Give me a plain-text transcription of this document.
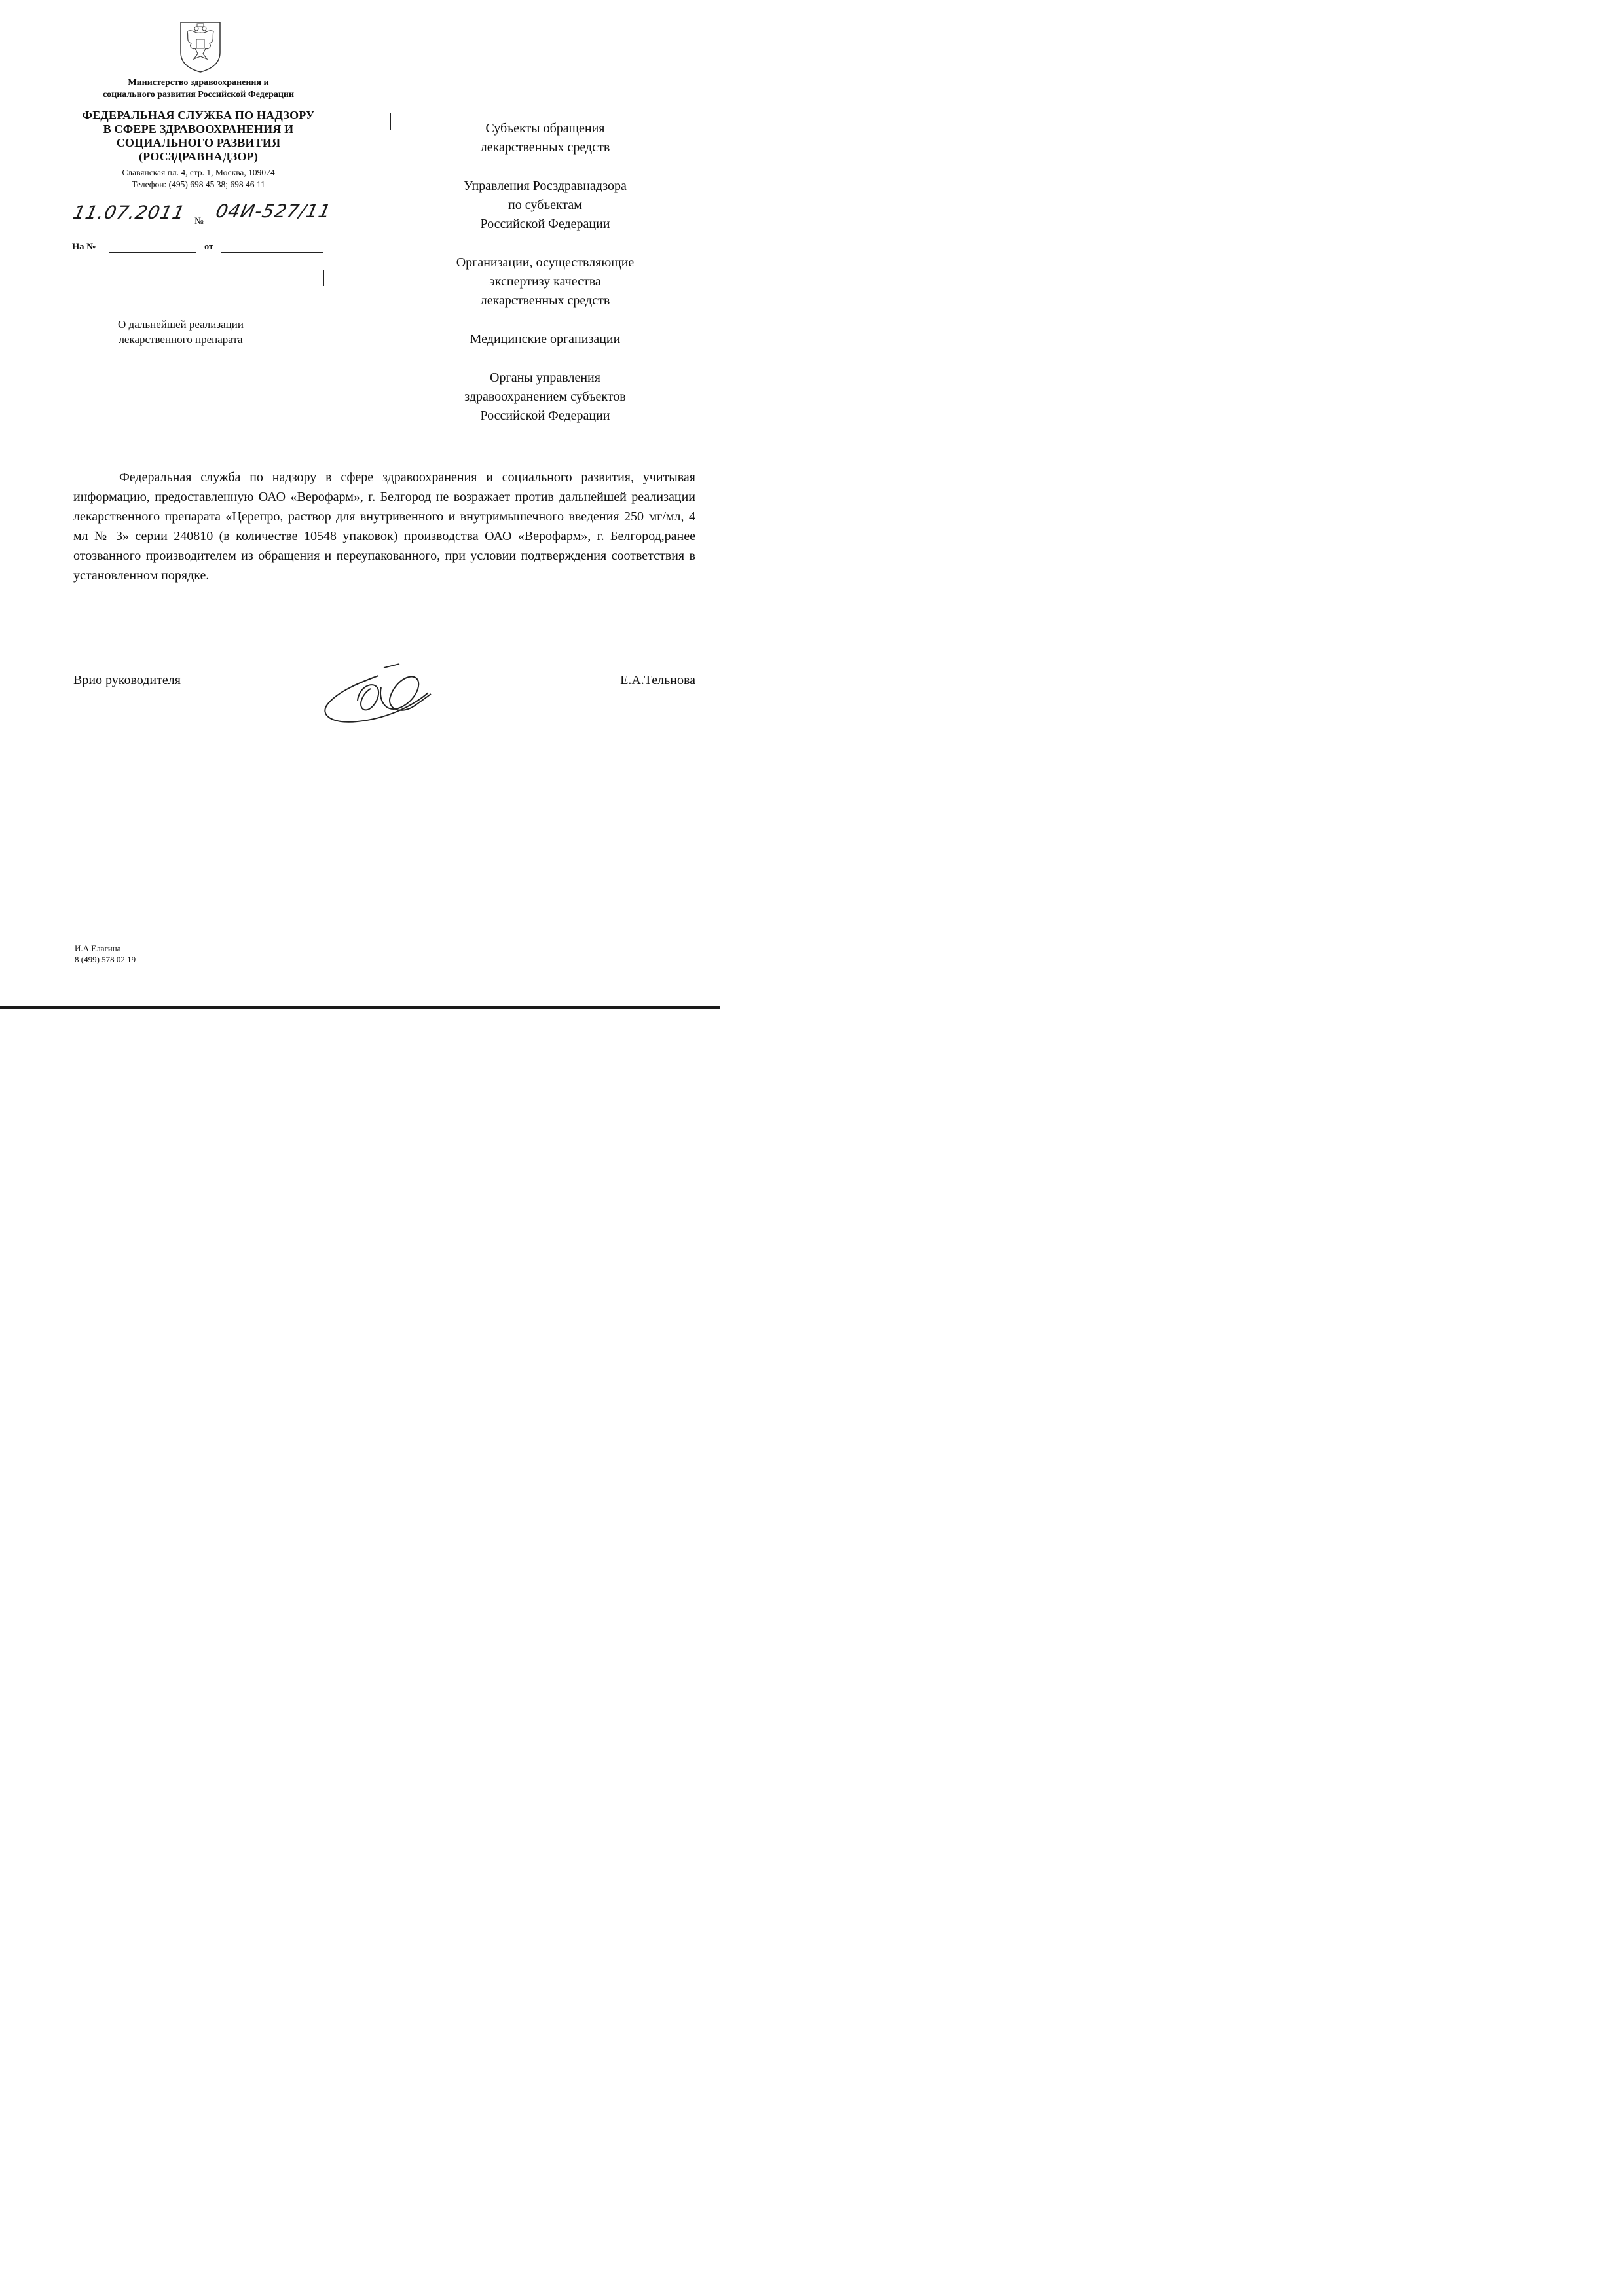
Министерство здравоохранения и
социального развития Российской Федерации
ФЕДЕРАЛЬНАЯ СЛУЖБА ПО НАДЗОРУ
В СФЕРЕ ЗДРАВООХРАНЕНИЯ И
СОЦИАЛЬНОГО РАЗВИТИЯ
(РОСЗДРАВНАДЗОР)
Славянская пл. 4, стр. 1, Москва, 109074
Телефон: (495) 698 45 38; 698 46 11
11.07.2011 № 04И-527/11
На №	от
О дальнейшей реализации
лекарственного препарата
Субъекты обращения
лекарственных средств
Управления Росздравнадзора
по субъектам
Российской Федерации
Организации, осуществляющие
экспертизу качества
лекарственных средств
Медицинские организации
Органы управления
здравоохранением субъектов
Российской Федерации
Федеральная служба по надзору в сфере здравоохранения и социального развития, учитывая информацию, предоставленную ОАО «Верофарм», г. Белгород не возражает против дальнейшей реализации лекарственного препарата «Церепро, раствор для внутривенного и внутримышечного введения 250 мг/мл, 4 мл № 3» серии 240810 (в количестве 10548 упаковок) производства ОАО «Верофарм», г. Белгород,ранее отозванного производителем из обращения и переупакованного, при условии подтверждения соответствия в установленном порядке.
Врио руководителя	Е.А.Тельнова
И.А.Елагина
8 (499) 578 02 19
